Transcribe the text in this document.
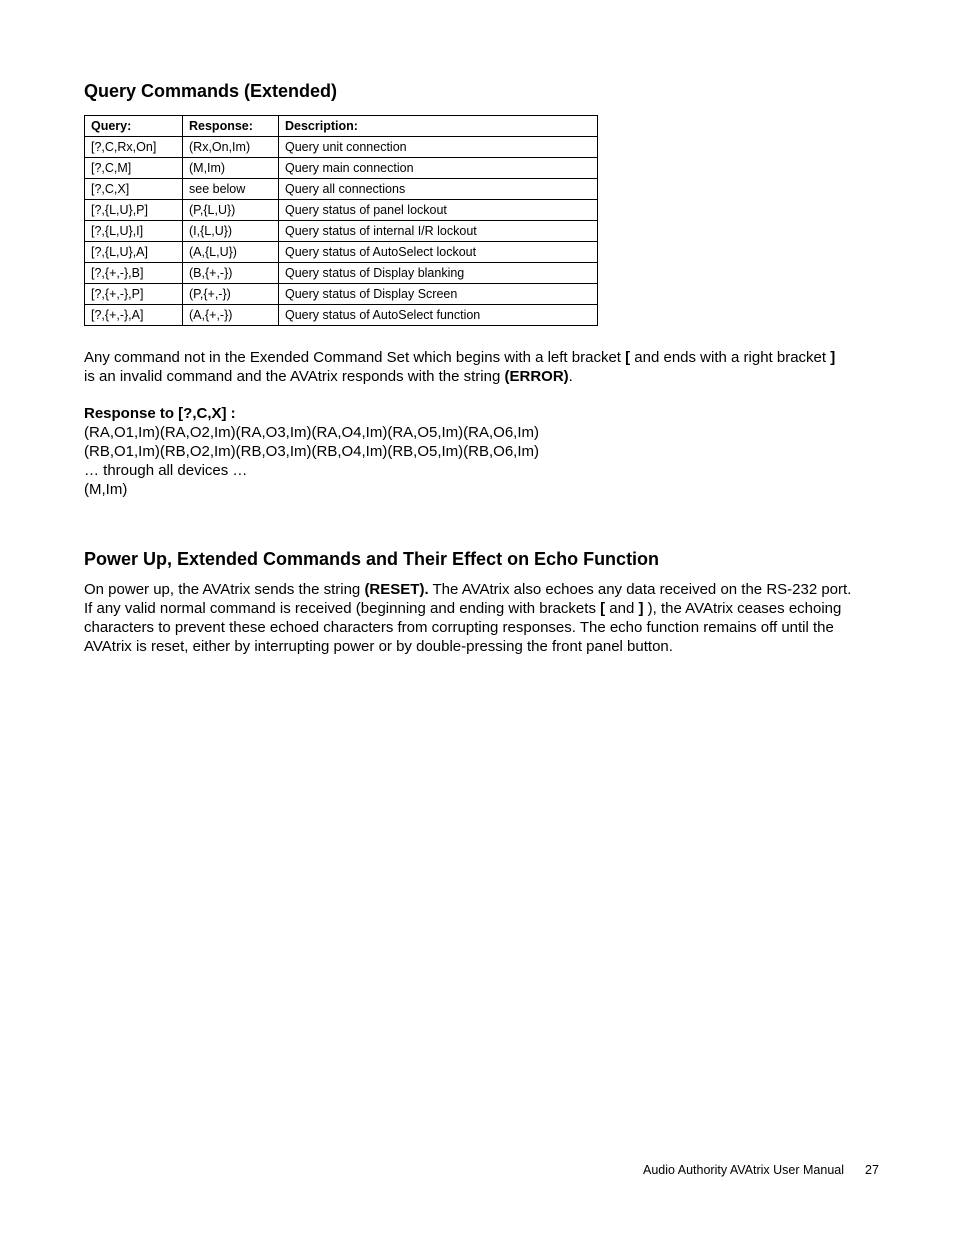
Query Commands (Extended)
Query:	Response:	Description:
[?,C,Rx,On]	(Rx,On,Im)	Query unit connection
[?,C,M]	(M,Im)	Query main connection
[?,C,X]	see below	Query all connections
[?,{L,U},P]	(P,{L,U})	Query status of panel lockout
[?,{L,U},I]	(I,{L,U})	Query status of internal I/R lockout
[?,{L,U},A]	(A,{L,U})	Query status of AutoSelect lockout
[?,{+,-},B]	(B,{+,-})	Query status of Display blanking
[?,{+,-},P]	(P,{+,-})	Query status of Display Screen
[?,{+,-},A]	(A,{+,-})	Query status of AutoSelect function

Any command not in the Exended Command Set which begins with a left bracket [ and ends with a right bracket ] is an invalid command and the AVAtrix responds with the string (ERROR).

Response to [?,C,X] :
(RA,O1,Im)(RA,O2,Im)(RA,O3,Im)(RA,O4,Im)(RA,O5,Im)(RA,O6,Im)
(RB,O1,Im)(RB,O2,Im)(RB,O3,Im)(RB,O4,Im)(RB,O5,Im)(RB,O6,Im)
… through all devices …
(M,Im)
Power Up, Extended Commands and Their Effect on Echo Function

On power up, the AVAtrix sends the string (RESET). The AVAtrix also echoes any data received on the RS-232 port. If any valid normal command is received (beginning and ending with brackets [ and ] ), the AVAtrix ceases echoing characters to prevent these echoed characters from corrupting responses. The echo function remains off until the AVAtrix is reset, either by interrupting power or by double-pressing the front panel button.

Audio Authority AVAtrix User Manual 27
